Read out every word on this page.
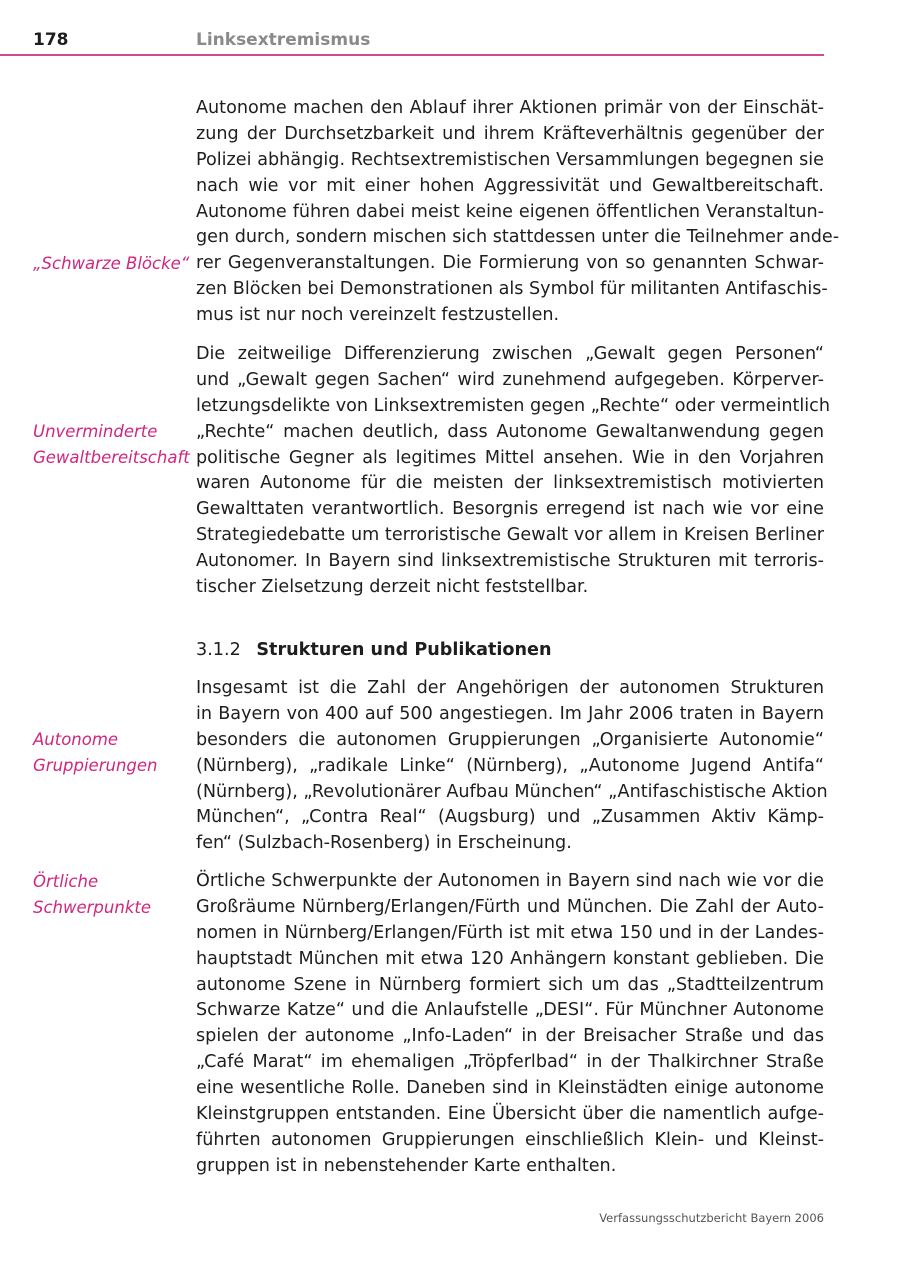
178	Linksextremismus
„Schwarze Blöcke“
Unverminderte
Gewaltbereitschaft
Autonome
Gruppierungen
Örtliche
Schwerpunkte

Autonome machen den Ablauf ihrer Aktionen primär von der Einschät-
zung der Durchsetzbarkeit und ihrem Kräfteverhältnis gegenüber der
Polizei abhängig. Rechtsextremistischen Versammlungen begegnen sie
nach wie vor mit einer hohen Aggressivität und Gewaltbereitschaft.
Autonome führen dabei meist keine eigenen öffentlichen Veranstaltun-
gen durch, sondern mischen sich stattdessen unter die Teilnehmer ande-
rer Gegenveranstaltungen. Die Formierung von so genannten Schwar-
zen Blöcken bei Demonstrationen als Symbol für militanten Antifaschis-
mus ist nur noch vereinzelt festzustellen.

Die zeitweilige Differenzierung zwischen „Gewalt gegen Personen“
und „Gewalt gegen Sachen“ wird zunehmend aufgegeben. Körperver-
letzungsdelikte von Linksextremisten gegen „Rechte“ oder vermeintlich
„Rechte“ machen deutlich, dass Autonome Gewaltanwendung gegen
politische Gegner als legitimes Mittel ansehen. Wie in den Vorjahren
waren Autonome für die meisten der linksextremistisch motivierten
Gewalttaten verantwortlich. Besorgnis erregend ist nach wie vor eine
Strategiedebatte um terroristische Gewalt vor allem in Kreisen Berliner
Autonomer. In Bayern sind linksextremistische Strukturen mit terroris-
tischer Zielsetzung derzeit nicht feststellbar.

3.1.2 Strukturen und Publikationen

Insgesamt ist die Zahl der Angehörigen der autonomen Strukturen
in Bayern von 400 auf 500 angestiegen. Im Jahr 2006 traten in Bayern
besonders die autonomen Gruppierungen „Organisierte Autonomie“
(Nürnberg), „radikale Linke“ (Nürnberg), „Autonome Jugend Antifa“
(Nürnberg), „Revolutionärer Aufbau München“ „Antifaschistische Aktion
München“, „Contra Real“ (Augsburg) und „Zusammen Aktiv Kämp-
fen“ (Sulzbach-Rosenberg) in Erscheinung.

Örtliche Schwerpunkte der Autonomen in Bayern sind nach wie vor die
Großräume Nürnberg/Erlangen/Fürth und München. Die Zahl der Auto-
nomen in Nürnberg/Erlangen/Fürth ist mit etwa 150 und in der Landes-
hauptstadt München mit etwa 120 Anhängern konstant geblieben. Die
autonome Szene in Nürnberg formiert sich um das „Stadtteilzentrum
Schwarze Katze“ und die Anlaufstelle „DESI“. Für Münchner Autonome
spielen der autonome „Info-Laden“ in der Breisacher Straße und das
„Café Marat“ im ehemaligen „Tröpferlbad“ in der Thalkirchner Straße
eine wesentliche Rolle. Daneben sind in Kleinstädten einige autonome
Kleinstgruppen entstanden. Eine Übersicht über die namentlich aufge-
führten autonomen Gruppierungen einschließlich Klein- und Kleinst-
gruppen ist in nebenstehender Karte enthalten.

Verfassungsschutzbericht Bayern 2006
